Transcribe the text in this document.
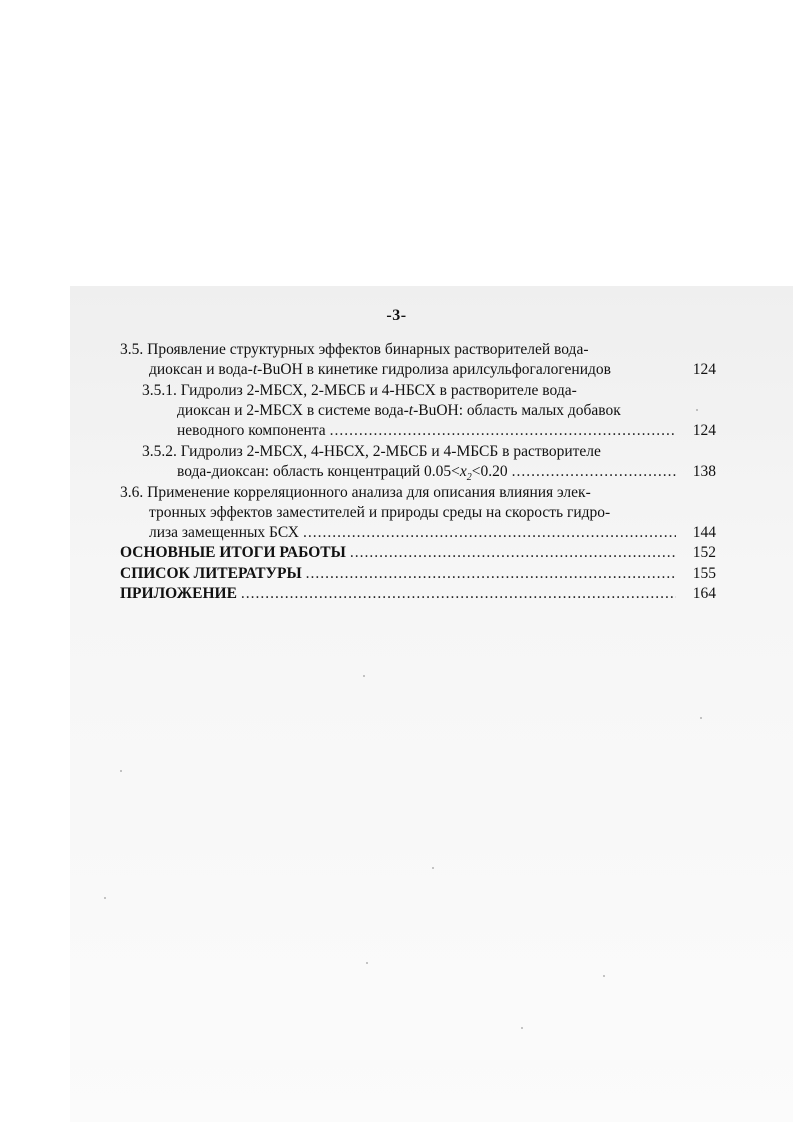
-3-
3.5. Проявление структурных эффектов бинарных растворителей вода-
диоксан и вода-t-BuOH в кинетике гидролиза арилсульфогалогенидов	124
3.5.1. Гидролиз 2-МБСХ, 2-МБСБ и 4-НБСХ в растворителе вода-
диоксан и 2-МБСХ в системе вода-t-BuOH: область малых добавок
неводного компонента .....	124
3.5.2. Гидролиз 2-МБСХ, 4-НБСХ, 2-МБСБ и 4-МБСБ в растворителе
вода-диоксан: область концентраций $0.05<x_2<0.20$ .....	138
3.6. Применение корреляционного анализа для описания влияния элек-
тронных эффектов заместителей и природы среды на скорость гидро-
лиза замещенных БСХ .....	144
ОСНОВНЫЕ ИТОГИ РАБОТЫ .....	152
СПИСОК ЛИТЕРАТУРЫ .....	155
ПРИЛОЖЕНИЕ .....	164
